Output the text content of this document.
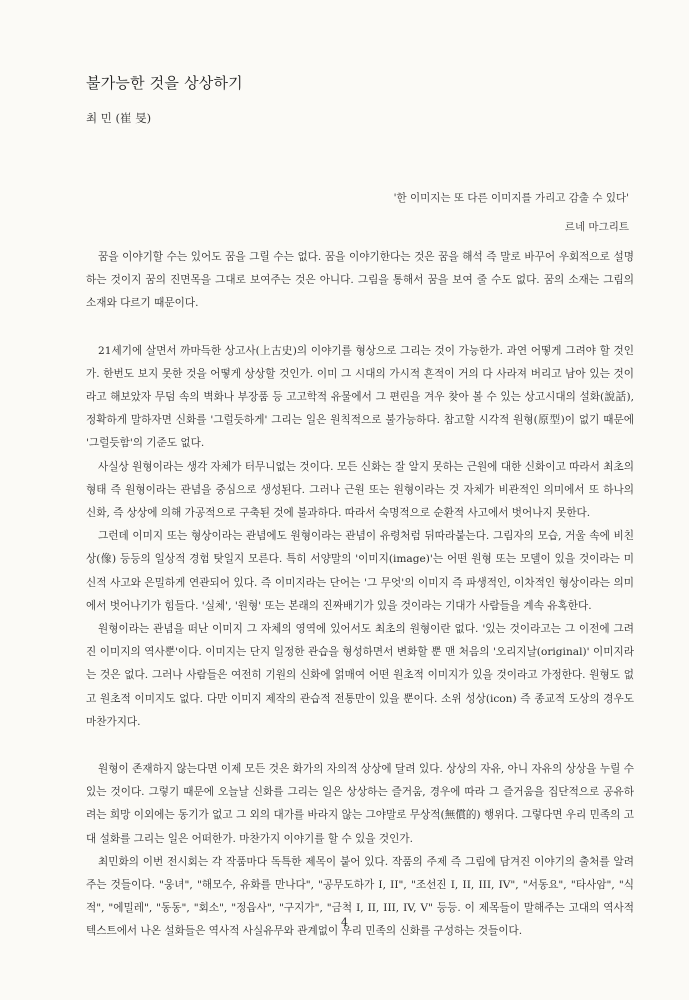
불가능한 것을 상상하기
최 민 (崔 旻)
'한 이미지는 또 다른 이미지를 가리고 감출 수 있다'
르네 마그리트

꿈을 이야기할 수는 있어도 꿈을 그릴 수는 없다. 꿈을 이야기한다는 것은 꿈을 해석 즉 말로 바꾸어 우회적으로 설명하는 것이지 꿈의 진면목을 그대로 보여주는 것은 아니다. 그림을 통해서 꿈을 보여 줄 수도 없다. 꿈의 소재는 그림의 소재와 다르기 때문이다.

21세기에 살면서 까마득한 상고사(上古史)의 이야기를 형상으로 그리는 것이 가능한가. 과연 어떻게 그려야 할 것인가. 한번도 보지 못한 것을 어떻게 상상할 것인가. 이미 그 시대의 가시적 흔적이 거의 다 사라져 버리고 남아 있는 것이라고 해보았자 무덤 속의 벽화나 부장품 등 고고학적 유물에서 그 편린을 겨우 찾아 볼 수 있는 상고시대의 설화(說話), 정확하게 말하자면 신화를 '그럴듯하게' 그리는 일은 원칙적으로 불가능하다. 참고할 시각적 원형(原型)이 없기 때문에 '그럴듯함'의 기준도 없다.

사실상 원형이라는 생각 자체가 터무니없는 것이다. 모든 신화는 잘 알지 못하는 근원에 대한 신화이고 따라서 최초의 형태 즉 원형이라는 관념을 중심으로 생성된다. 그러나 근원 또는 원형이라는 것 자체가 비관적인 의미에서 또 하나의 신화, 즉 상상에 의해 가공적으로 구축된 것에 불과하다. 따라서 숙명적으로 순환적 사고에서 벗어나지 못한다.

그런데 이미지 또는 형상이라는 관념에도 원형이라는 관념이 유령처럼 뒤따라붙는다. 그림자의 모습, 거울 속에 비친 상(像) 등등의 일상적 경험 탓일지 모른다. 특히 서양말의 '이미지(image)'는 어떤 원형 또는 모델이 있을 것이라는 미신적 사고와 은밀하게 연관되어 있다. 즉 이미지라는 단어는 '그 무엇'의 이미지 즉 파생적인, 이차적인 형상이라는 의미에서 벗어나기가 힘들다. '실체', '원형' 또는 본래의 진짜배기가 있을 것이라는 기대가 사람들을 계속 유혹한다.

원형이라는 관념을 떠난 이미지 그 자체의 영역에 있어서도 최초의 원형이란 없다. '있는 것이라고는 그 이전에 그려진 이미지의 역사뿐'이다. 이미지는 단지 일정한 관습을 형성하면서 변화할 뿐 맨 처음의 '오리지날(original)' 이미지라는 것은 없다. 그러나 사람들은 여전히 기원의 신화에 얽매여 어떤 원초적 이미지가 있을 것이라고 가정한다. 원형도 없고 원초적 이미지도 없다. 다만 이미지 제작의 관습적 전통만이 있을 뿐이다. 소위 성상(icon) 즉 종교적 도상의 경우도 마찬가지다.

원형이 존재하지 않는다면 이제 모든 것은 화가의 자의적 상상에 달려 있다. 상상의 자유, 아니 자유의 상상을 누릴 수 있는 것이다. 그렇기 때문에 오늘날 신화를 그리는 일은 상상하는 즐거움, 경우에 따라 그 즐거움을 집단적으로 공유하려는 희망 이외에는 동기가 없고 그 외의 대가를 바라지 않는 그야말로 무상적(無償的) 행위다. 그렇다면 우리 민족의 고대 설화를 그리는 일은 어떠한가. 마찬가지 이야기를 할 수 있을 것인가.

최민화의 이번 전시회는 각 작품마다 독특한 제목이 붙어 있다. 작품의 주제 즉 그림에 담겨진 이야기의 출처를 알려주는 것들이다. "웅녀", "해모수, 유화를 만나다", "공무도하가 I, II", "조선진 I, II, III, IV", "서동요", "타사암", "식적", "에밀레", "동동", "회소", "정읍사", "구지가", "금척 I, II, III, IV, V" 등등. 이 제목들이 말해주는 고대의 역사적 텍스트에서 나온 설화들은 역사적 사실유무와 관계없이 우리 민족의 신화를 구성하는 것들이다.

4
